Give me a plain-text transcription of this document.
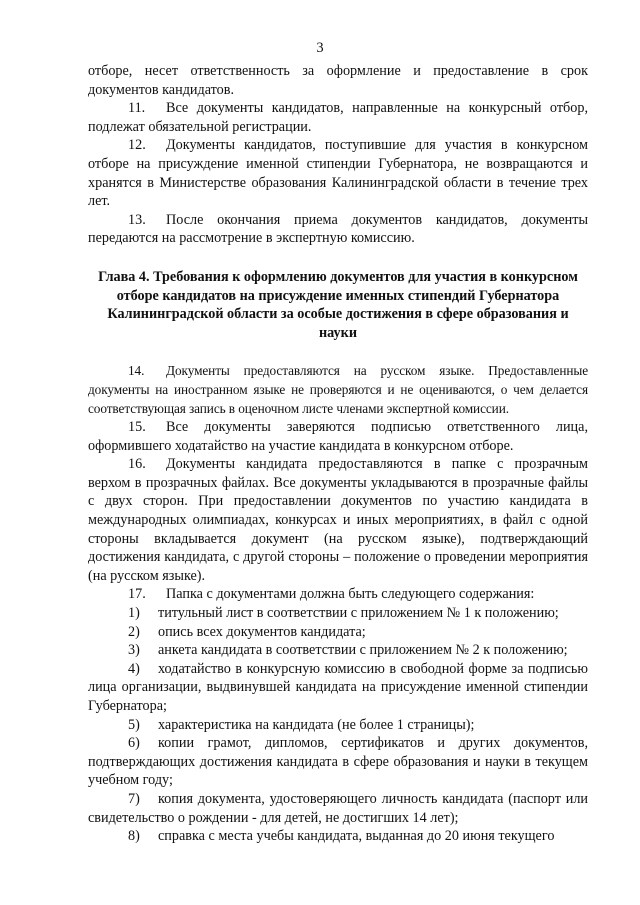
3

отборе, несет ответственность за оформление и предоставление в срок документов кандидатов.

11. Все документы кандидатов, направленные на конкурсный отбор, подлежат обязательной регистрации.

12. Документы кандидатов, поступившие для участия в конкурсном отборе на присуждение именной стипендии Губернатора, не возвращаются и хранятся в Министерстве образования Калининградской области в течение трех лет.

13. После окончания приема документов кандидатов, документы передаются на рассмотрение в экспертную комиссию.

Глава 4. Требования к оформлению документов для участия в конкурсном отборе кандидатов на присуждение именных стипендий Губернатора Калининградской области за особые достижения в сфере образования и науки

14. Документы предоставляются на русском языке. Предоставленные документы на иностранном языке не проверяются и не оцениваются, о чем делается соответствующая запись в оценочном листе членами экспертной комиссии.

15. Все документы заверяются подписью ответственного лица, оформившего ходатайство на участие кандидата в конкурсном отборе.

16. Документы кандидата предоставляются в папке с прозрачным верхом в прозрачных файлах. Все документы укладываются в прозрачные файлы с двух сторон. При предоставлении документов по участию кандидата в международных олимпиадах, конкурсах и иных мероприятиях, в файл с одной стороны вкладывается документ (на русском языке), подтверждающий достижения кандидата, с другой стороны – положение о проведении мероприятия (на русском языке).

17. Папка с документами должна быть следующего содержания:

1) титульный лист в соответствии с приложением № 1 к положению;

2) опись всех документов кандидата;

3) анкета кандидата в соответствии с приложением № 2 к положению;

4) ходатайство в конкурсную комиссию в свободной форме за подписью лица организации, выдвинувшей кандидата на присуждение именной стипендии Губернатора;

5) характеристика на кандидата (не более 1 страницы);

6) копии грамот, дипломов, сертификатов и других документов, подтверждающих достижения кандидата в сфере образования и науки в текущем учебном году;

7) копия документа, удостоверяющего личность кандидата (паспорт или свидетельство о рождении - для детей, не достигших 14 лет);

8) справка с места учебы кандидата, выданная до 20 июня текущего
